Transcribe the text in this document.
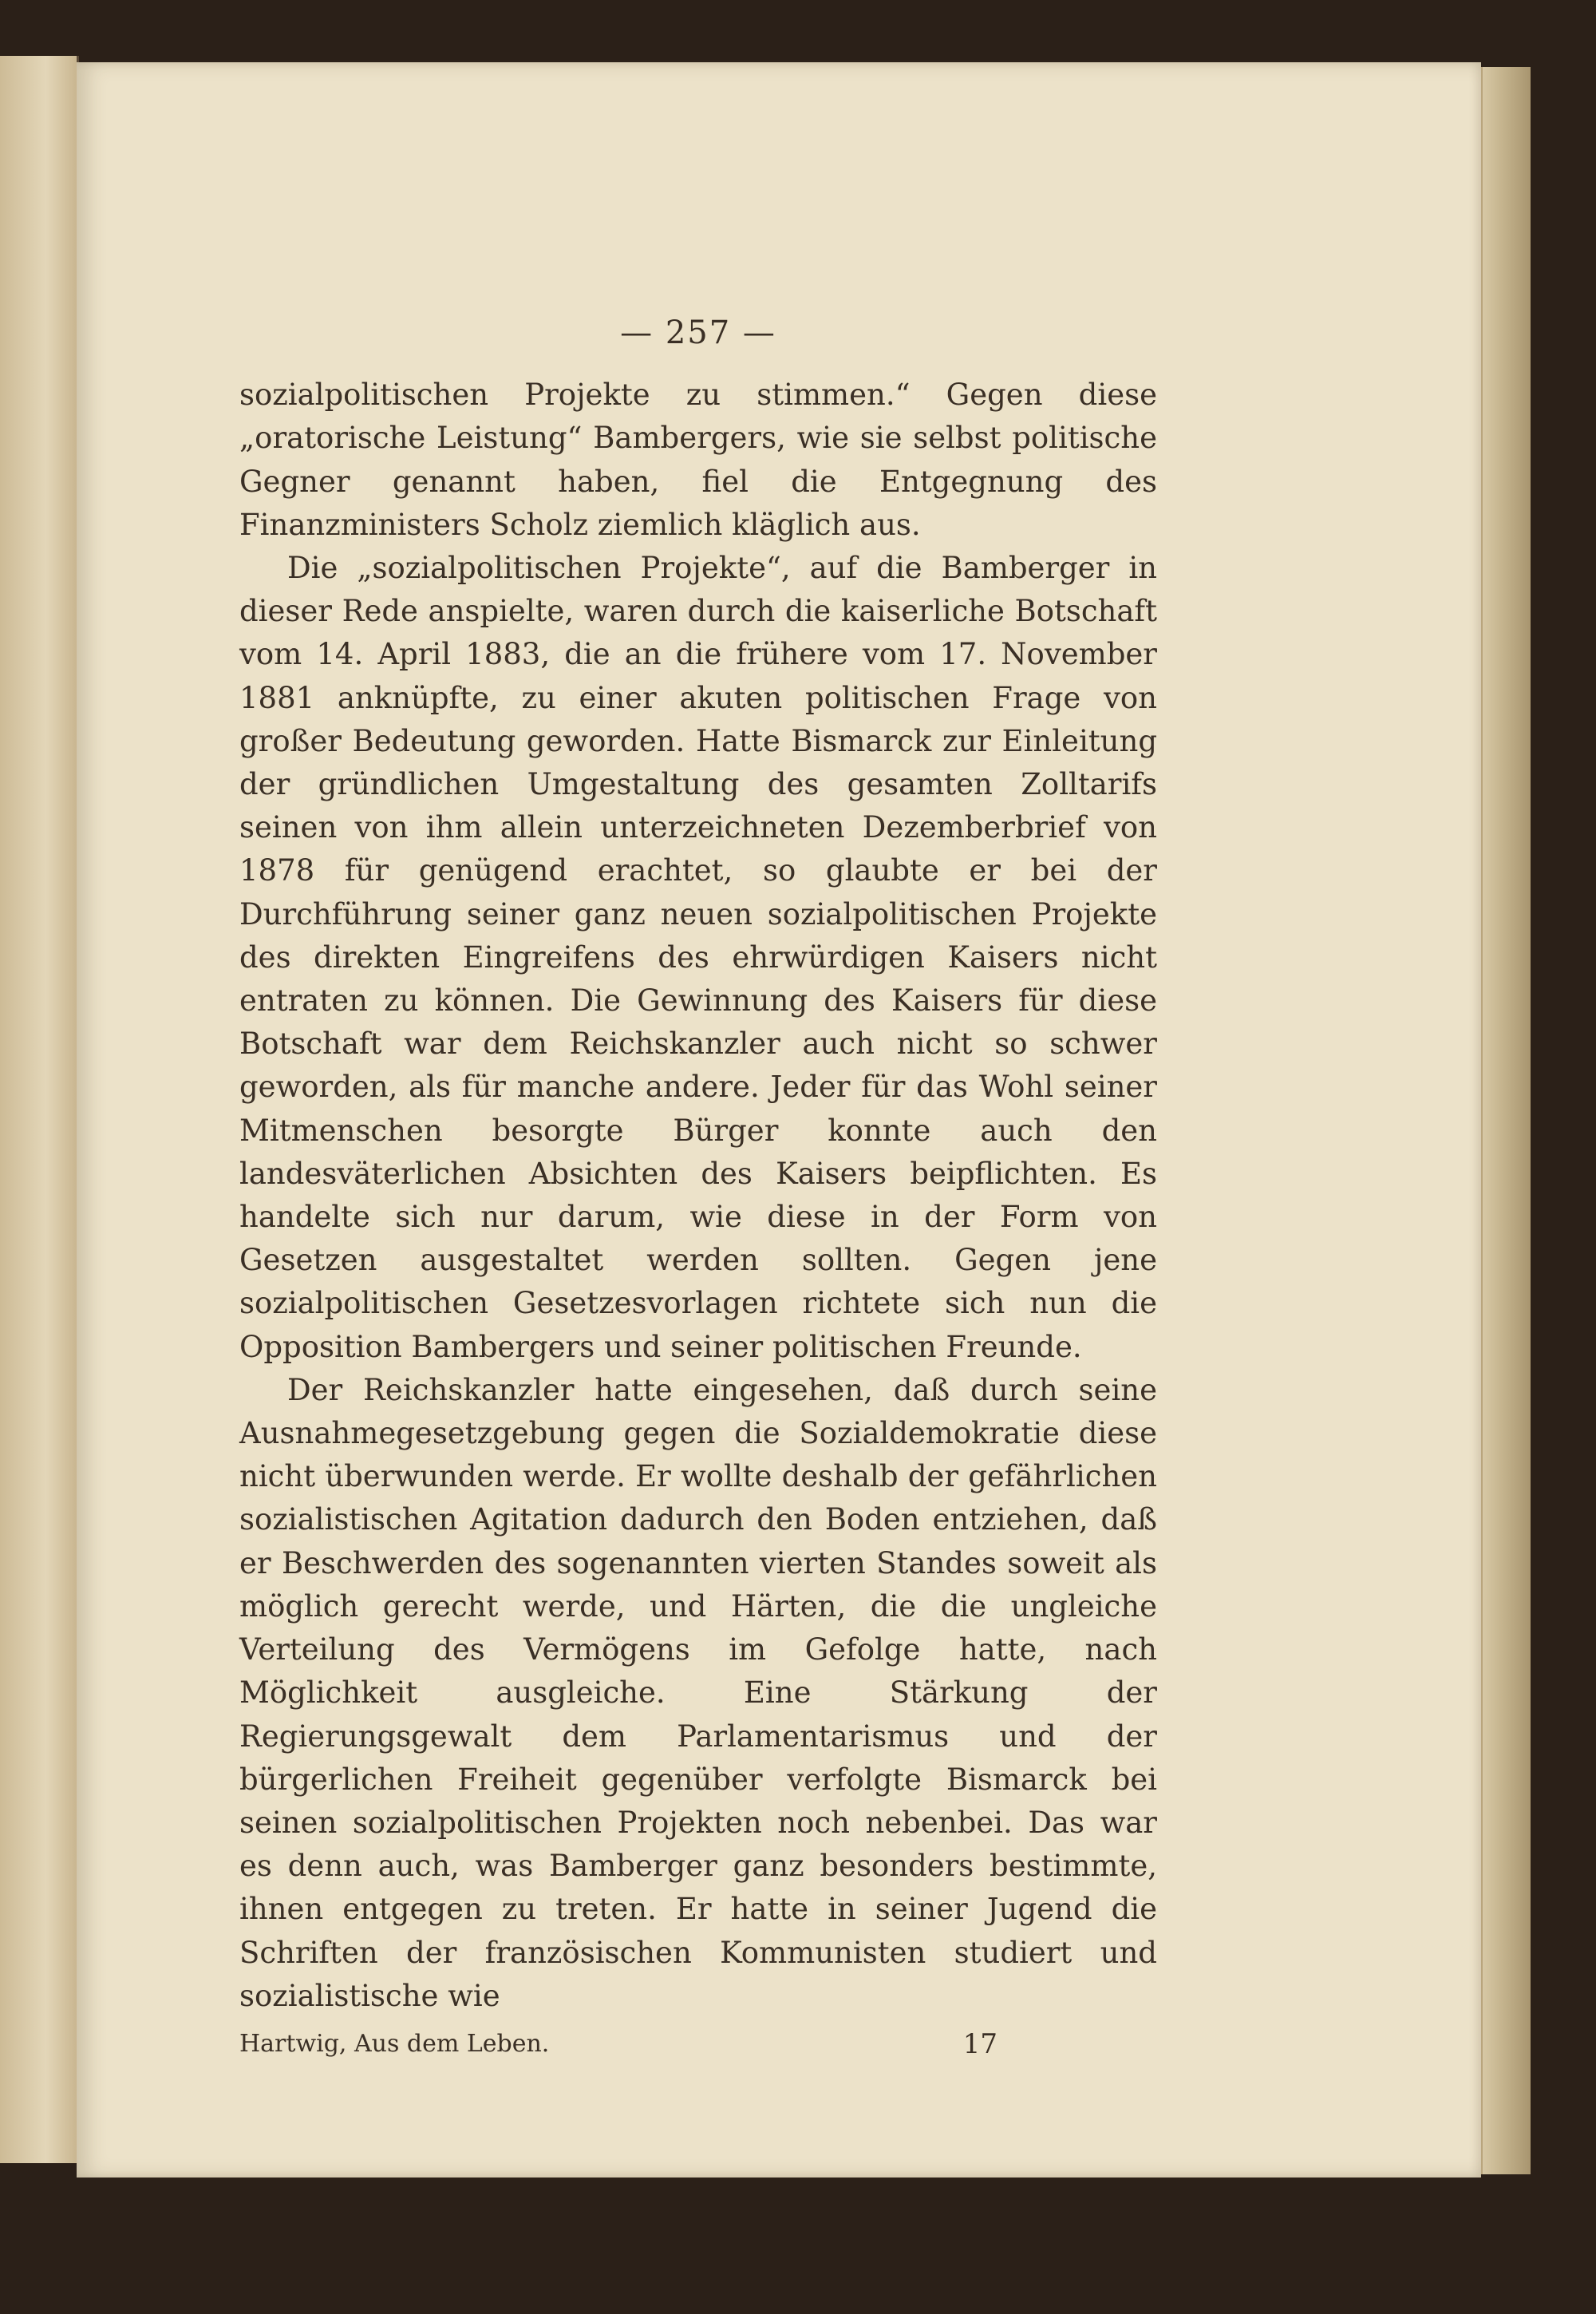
— 257 —

sozialpolitischen Projekte zu stimmen.“ Gegen diese „oratorische Leistung“ Bambergers, wie sie selbst politische Gegner genannt haben, fiel die Entgegnung des Finanzministers Scholz ziemlich kläglich aus.

Die „sozialpolitischen Projekte“, auf die Bamberger in dieser Rede anspielte, waren durch die kaiserliche Botschaft vom 14. April 1883, die an die frühere vom 17. November 1881 anknüpfte, zu einer akuten politischen Frage von großer Bedeutung geworden. Hatte Bismarck zur Einleitung der gründlichen Umgestaltung des gesamten Zolltarifs seinen von ihm allein unterzeichneten Dezemberbrief von 1878 für genügend erachtet, so glaubte er bei der Durchführung seiner ganz neuen sozialpolitischen Projekte des direkten Eingreifens des ehrwürdigen Kaisers nicht entraten zu können. Die Gewinnung des Kaisers für diese Botschaft war dem Reichskanzler auch nicht so schwer geworden, als für manche andere. Jeder für das Wohl seiner Mitmenschen besorgte Bürger konnte auch den landesväterlichen Absichten des Kaisers beipflichten. Es handelte sich nur darum, wie diese in der Form von Gesetzen ausgestaltet werden sollten. Gegen jene sozialpolitischen Gesetzesvorlagen richtete sich nun die Opposition Bambergers und seiner politischen Freunde.

Der Reichskanzler hatte eingesehen, daß durch seine Ausnahmegesetzgebung gegen die Sozialdemokratie diese nicht überwunden werde. Er wollte deshalb der gefährlichen sozialistischen Agitation dadurch den Boden entziehen, daß er Beschwerden des sogenannten vierten Standes soweit als möglich gerecht werde, und Härten, die die ungleiche Verteilung des Vermögens im Gefolge hatte, nach Möglichkeit ausgleiche. Eine Stärkung der Regierungsgewalt dem Parlamentarismus und der bürgerlichen Freiheit gegenüber verfolgte Bismarck bei seinen sozialpolitischen Projekten noch nebenbei. Das war es denn auch, was Bamberger ganz besonders bestimmte, ihnen entgegen zu treten. Er hatte in seiner Jugend die Schriften der französischen Kommunisten studiert und sozialistische wie

Hartwig, Aus dem Leben.	17
